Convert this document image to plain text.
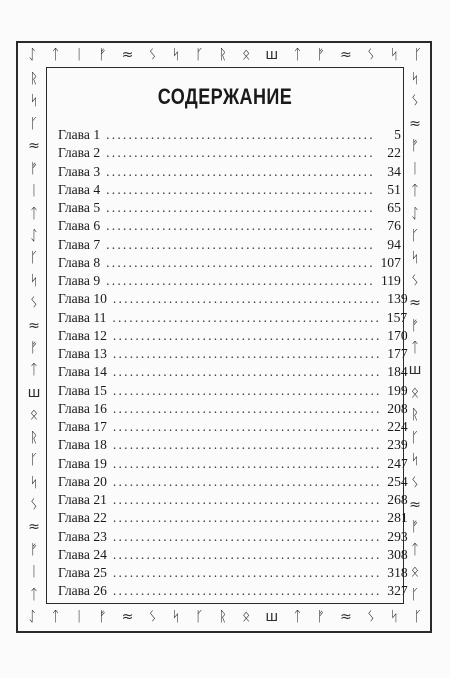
ᛇ ᛏ ᛁ ᚠ ≈ ᛊ ᛋ ᚴ ᚱ ᛟ ш ᛏ ᚠ ≈ ᛊ ᛋ ᚴ
ᛇ ᛏ ᛁ ᚠ ≈ ᛊ ᛋ ᚴ ᚱ ᛟ ш ᛏ ᚠ ≈ ᛊ ᛋ ᚴ
ᚱ
ᛋ
ᚴ
≈
ᚠ
ᛁ
ᛏ
ᛇ
ᚴ
ᛋ
ᛊ
≈
ᚠ
ᛏ
ш
ᛟ
ᚱ
ᚴ
ᛋ
ᛊ
≈
ᚠ
ᛁ
ᛏ
ᛋ
ᛊ
≈
ᚠ
ᛁ
ᛏ
ᛇ
ᚴ
ᛋ
ᛊ
≈
ᚠ
ᛏ
ш
ᛟ
ᚱ
ᚴ
ᛋ
ᛊ
≈
ᚠ
ᛏ
ᛟ
ᚴ
СОДЕРЖАНИЕ
Глава 1 ................................................	5
Глава 2 ................................................ 22
Глава 3 ................................................ 34
Глава 4 ................................................ 51
Глава 5 ................................................ 65
Глава 6 ................................................ 76
Глава 7 ................................................ 94
Глава 8 ................................................ 107
Глава 9 ................................................ 119
Глава 10 ................................................ 139
Глава 11 ................................................ 157
Глава 12 ................................................ 170
Глава 13 ................................................ 177
Глава 14 ................................................ 184
Глава 15 ................................................ 199
Глава 16 ................................................ 208
Глава 17 ................................................ 224
Глава 18 ................................................ 239
Глава 19 ................................................ 247
Глава 20 ................................................ 254
Глава 21 ................................................ 268
Глава 22 ................................................ 281
Глава 23 ................................................ 293
Глава 24 ................................................ 308
Глава 25 ................................................ 318
Глава 26 ................................................ 327
